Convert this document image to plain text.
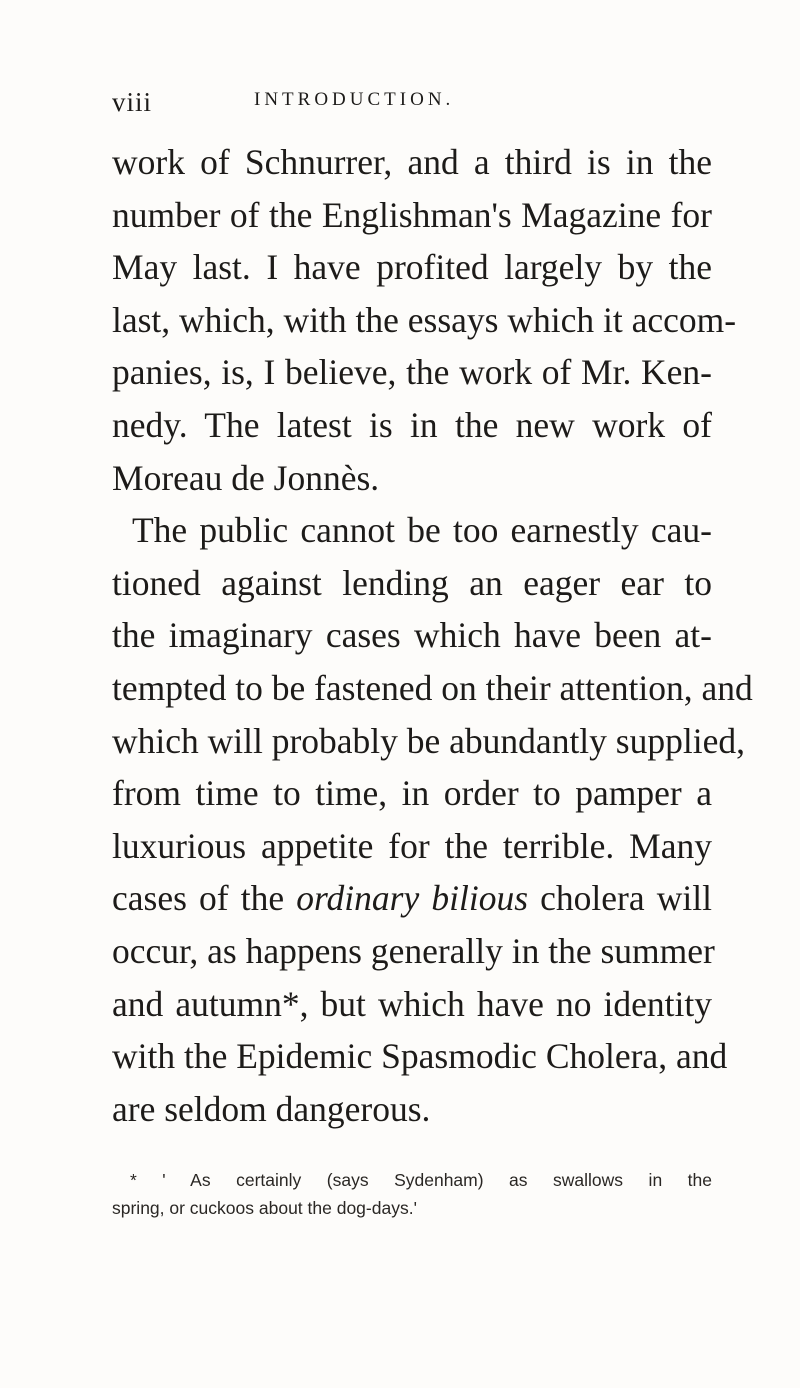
viii	INTRODUCTION.
work of Schnurrer, and a third is in the
number of the Englishman's Magazine for
May last. I have profited largely by the
last, which, with the essays which it accom-
panies, is, I believe, the work of Mr. Ken-
nedy. The latest is in the new work of
Moreau de Jonnès.
The public cannot be too earnestly cau-
tioned against lending an eager ear to
the imaginary cases which have been at-
tempted to be fastened on their attention, and
which will probably be abundantly supplied,
from time to time, in order to pamper a
luxurious appetite for the terrible. Many
cases of the ordinary bilious cholera will
occur, as happens generally in the summer
and autumn*, but which have no identity
with the Epidemic Spasmodic Cholera, and
are seldom dangerous.
* ' As certainly (says Sydenham) as swallows in the
spring, or cuckoos about the dog-days.'
